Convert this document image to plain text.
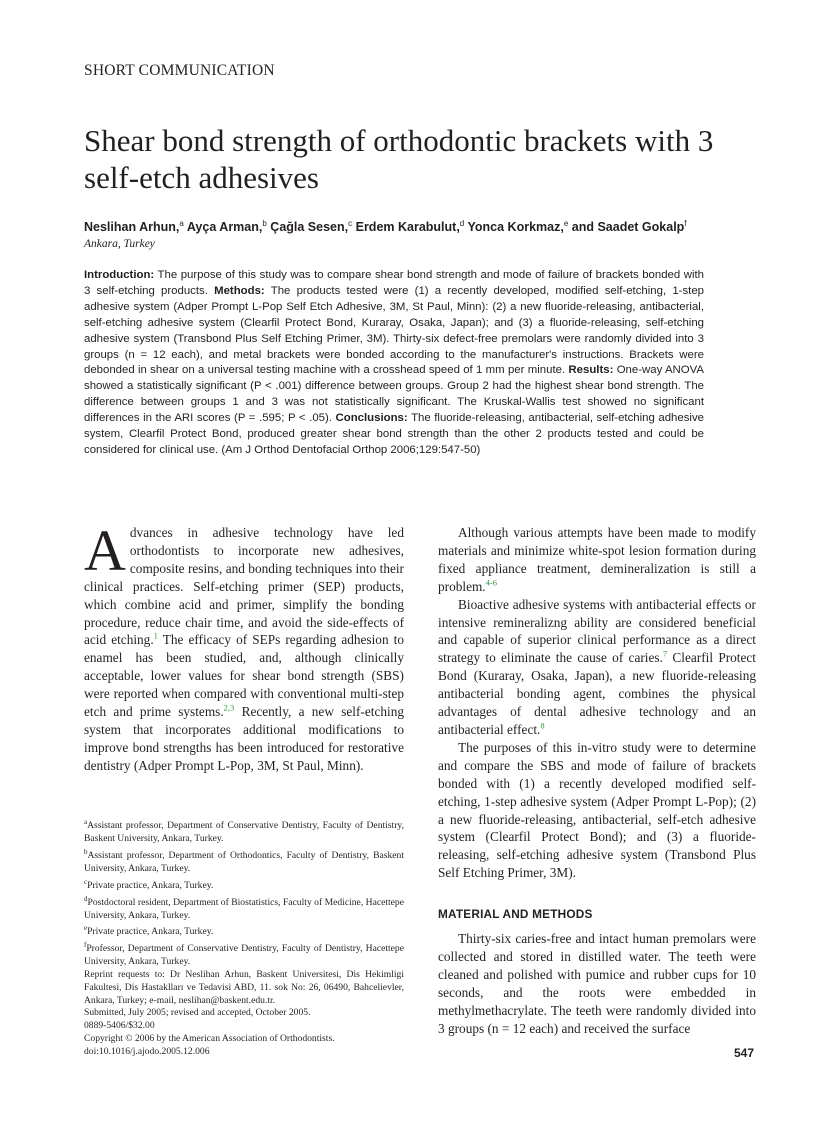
SHORT COMMUNICATION
Shear bond strength of orthodontic brackets with 3 self-etch adhesives
Neslihan Arhun,$^a$ Ayça Arman,$^b$ Çağla Sesen,$^c$ Erdem Karabulut,$^d$ Yonca Korkmaz,$^e$ and Saadet Gokalp$^f$
Ankara, Turkey

Introduction: The purpose of this study was to compare shear bond strength and mode of failure of brackets bonded with 3 self-etching products. Methods: The products tested were (1) a recently developed, modified self-etching, 1-step adhesive system (Adper Prompt L-Pop Self Etch Adhesive, 3M, St Paul, Minn): (2) a new fluoride-releasing, antibacterial, self-etching adhesive system (Clearfil Protect Bond, Kuraray, Osaka, Japan); and (3) a fluoride-releasing, self-etching adhesive system (Transbond Plus Self Etching Primer, 3M). Thirty-six defect-free premolars were randomly divided into 3 groups (n = 12 each), and metal brackets were bonded according to the manufacturer's instructions. Brackets were debonded in shear on a universal testing machine with a crosshead speed of 1 mm per minute. Results: One-way ANOVA showed a statistically significant (P < .001) difference between groups. Group 2 had the highest shear bond strength. The difference between groups 1 and 3 was not statistically significant. The Kruskal-Wallis test showed no significant differences in the ARI scores (P = .595; P < .05). Conclusions: The fluoride-releasing, antibacterial, self-etching adhesive system, Clearfil Protect Bond, produced greater shear bond strength than the other 2 products tested and could be considered for clinical use. (Am J Orthod Dentofacial Orthop 2006;129:547-50)

Advances in adhesive technology have led orthodontists to incorporate new adhesives, composite resins, and bonding techniques into their clinical practices. Self-etching primer (SEP) products, which combine acid and primer, simplify the bonding procedure, reduce chair time, and avoid the side-effects of acid etching.$^1$ The efficacy of SEPs regarding adhesion to enamel has been studied, and, although clinically acceptable, lower values for shear bond strength (SBS) were reported when compared with conventional multi-step etch and prime systems.$^{2,3}$ Recently, a new self-etching system that incorporates additional modifications to improve bond strengths has been introduced for restorative dentistry (Adper Prompt L-Pop, 3M, St Paul, Minn).

$^a$Assistant professor, Department of Conservative Dentistry, Faculty of Dentistry, Baskent University, Ankara, Turkey.
$^b$Assistant professor, Department of Orthodontics, Faculty of Dentistry, Baskent University, Ankara, Turkey.
$^c$Private practice, Ankara, Turkey.
$^d$Postdoctoral resident, Department of Biostatistics, Faculty of Medicine, Hacettepe University, Ankara, Turkey.
$^e$Private practice, Ankara, Turkey.
$^f$Professor, Department of Conservative Dentistry, Faculty of Dentistry, Hacettepe University, Ankara, Turkey.
Reprint requests to: Dr Neslihan Arhun, Baskent Universitesi, Dis Hekimligi Fakultesi, Dis Hastaklları ve Tedavisi ABD, 11. sok No: 26, 06490, Bahcelievler, Ankara, Turkey; e-mail, neslihan@baskent.edu.tr.
Submitted, July 2005; revised and accepted, October 2005.
0889-5406/$32.00
Copyright © 2006 by the American Association of Orthodontists.
doi:10.1016/j.ajodo.2005.12.006

Although various attempts have been made to modify materials and minimize white-spot lesion formation during fixed appliance treatment, demineralization is still a problem.$^{4-6}$

Bioactive adhesive systems with antibacterial effects or intensive remineralizng ability are considered beneficial and capable of superior clinical performance as a direct strategy to eliminate the cause of caries.$^7$ Clearfil Protect Bond (Kuraray, Osaka, Japan), a new fluoride-releasing antibacterial bonding agent, combines the physical advantages of dental adhesive technology and an antibacterial effect.$^8$

The purposes of this in-vitro study were to determine and compare the SBS and mode of failure of brackets bonded with (1) a recently developed modified self-etching, 1-step adhesive system (Adper Prompt L-Pop); (2) a new fluoride-releasing, antibacterial, self-etch adhesive system (Clearfil Protect Bond); and (3) a fluoride-releasing, self-etching adhesive system (Transbond Plus Self Etching Primer, 3M).

MATERIAL AND METHODS

Thirty-six caries-free and intact human premolars were collected and stored in distilled water. The teeth were cleaned and polished with pumice and rubber cups for 10 seconds, and the roots were embedded in methylmethacrylate. The teeth were randomly divided into 3 groups (n = 12 each) and received the surface

547
